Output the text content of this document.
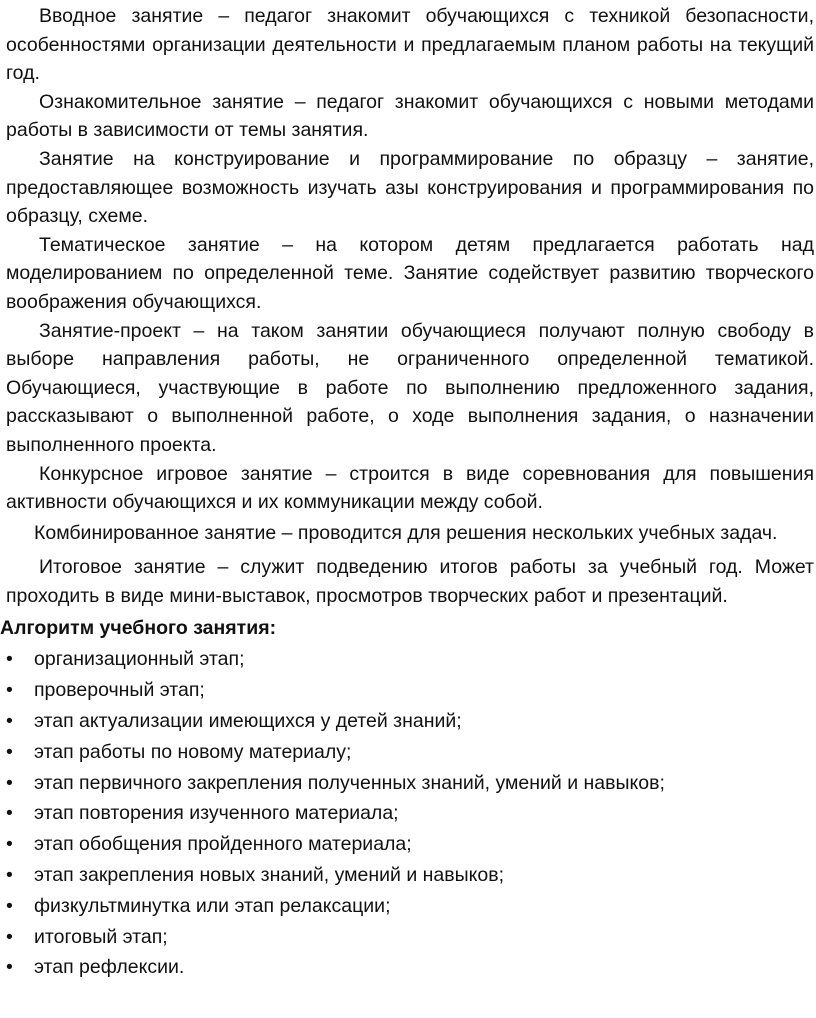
Вводное занятие – педагог знакомит обучающихся с техникой безопасности, особенностями организации деятельности и предлагаемым планом работы на текущий год.

Ознакомительное занятие – педагог знакомит обучающихся с новыми методами работы в зависимости от темы занятия.

Занятие на конструирование и программирование по образцу – занятие, предоставляющее возможность изучать азы конструирования и программирования по образцу, схеме.

Тематическое занятие – на котором детям предлагается работать над моделированием по определенной теме. Занятие содействует развитию творческого воображения обучающихся.

Занятие-проект – на таком занятии обучающиеся получают полную свободу в выборе направления работы, не ограниченного определенной тематикой. Обучающиеся, участвующие в работе по выполнению предложенного задания, рассказывают о выполненной работе, о ходе выполнения задания, о назначении выполненного проекта.

Конкурсное игровое занятие – строится в виде соревнования для повышения активности обучающихся и их коммуникации между собой.

Комбинированное занятие – проводится для решения нескольких учебных задач.

Итоговое занятие – служит подведению итогов работы за учебный год. Может проходить в виде мини-выставок, просмотров творческих работ и презентаций.

Алгоритм учебного занятия:
•	организационный этап;
•	проверочный этап;
•	этап актуализации имеющихся у детей знаний;
•	этап работы по новому материалу;
•	этап первичного закрепления полученных знаний, умений и навыков;
•	этап повторения изученного материала;
•	этап обобщения пройденного материала;
•	этап закрепления новых знаний, умений и навыков;
•	физкультминутка или этап релаксации;
•	итоговый этап;
•	этап рефлексии.
